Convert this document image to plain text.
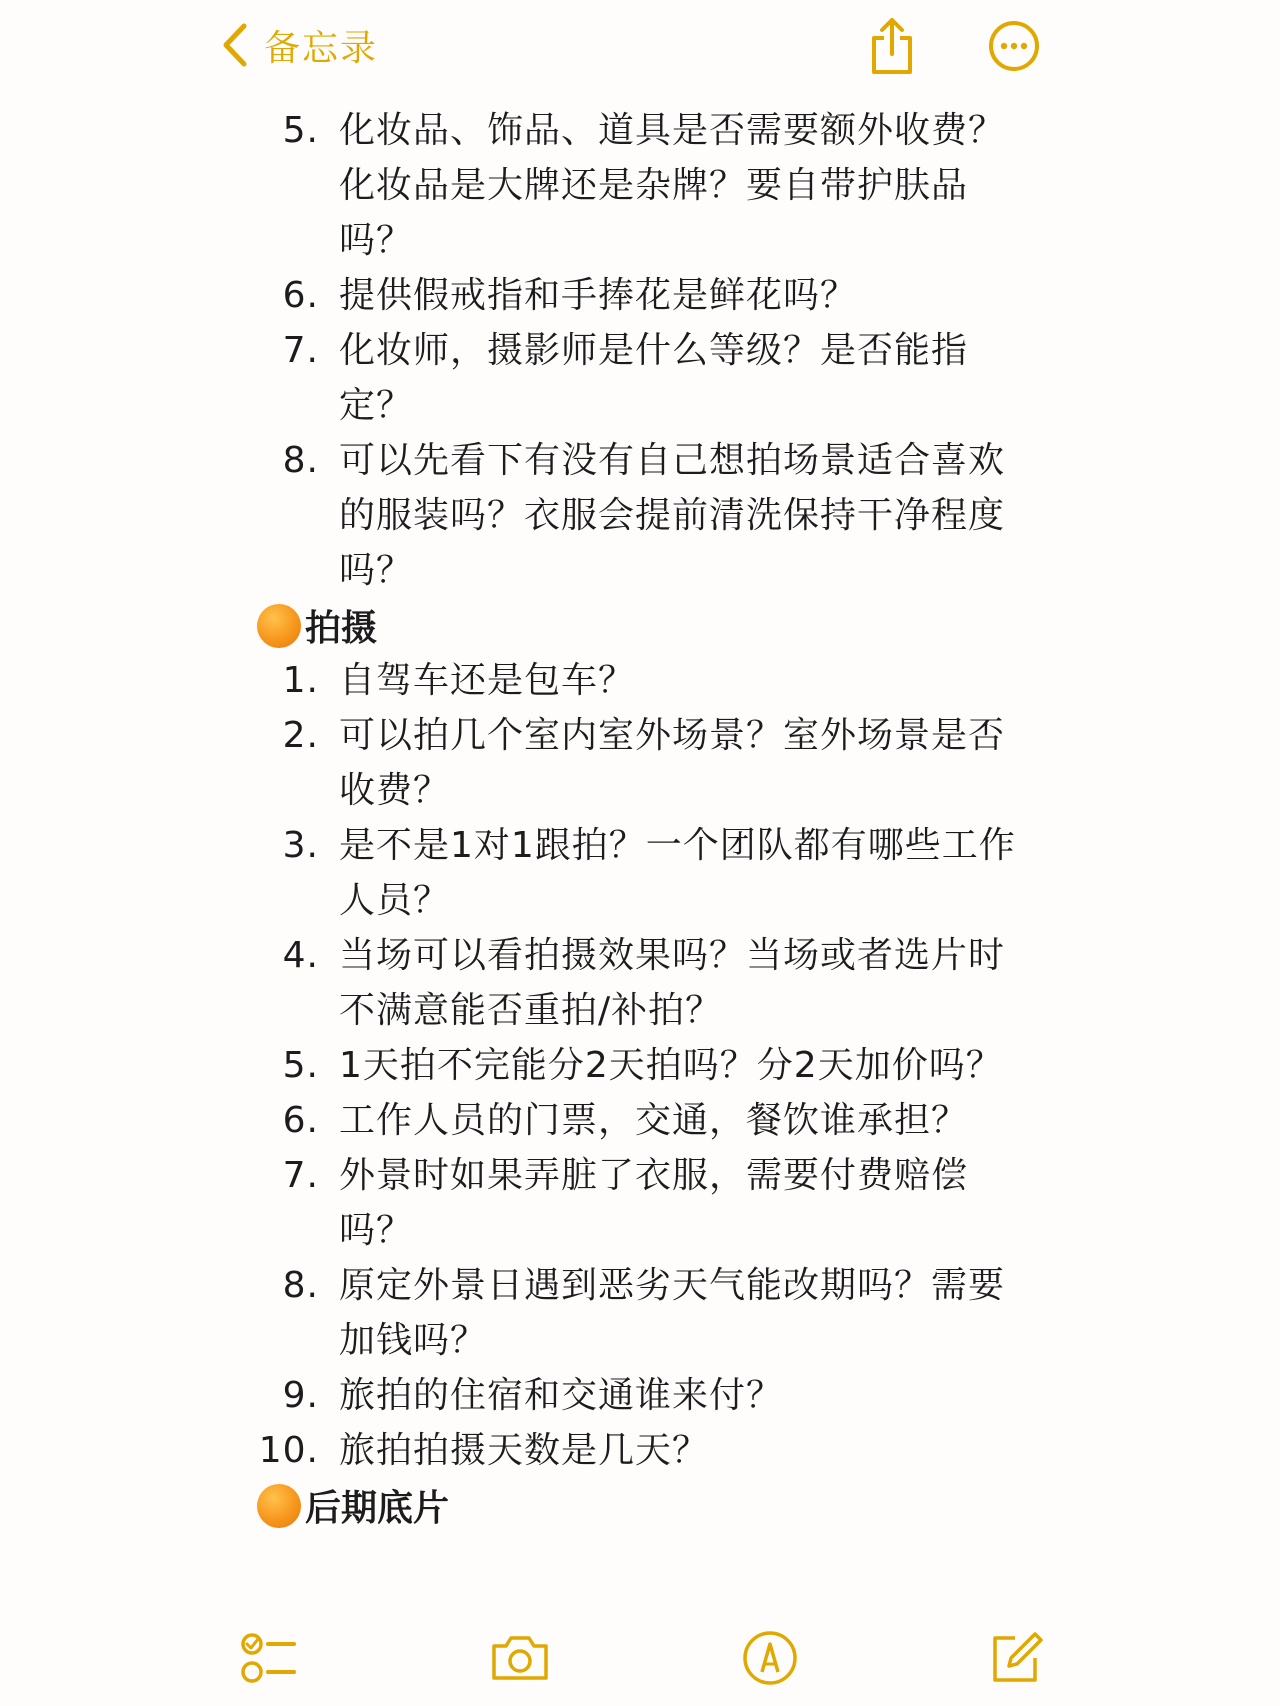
备忘录
5. 化妆品、饰品、道具是否需要额外收费？化妆品是大牌还是杂牌？要自带护肤品吗？
6. 提供假戒指和手捧花是鲜花吗？
7. 化妆师，摄影师是什么等级？是否能指定？
8. 可以先看下有没有自己想拍场景适合喜欢的服装吗？衣服会提前清洗保持干净程度吗？
拍摄
1. 自驾车还是包车？
2. 可以拍几个室内室外场景？室外场景是否收费？
3. 是不是1对1跟拍？一个团队都有哪些工作人员？
4. 当场可以看拍摄效果吗？当场或者选片时不满意能否重拍/补拍？
5. 1天拍不完能分2天拍吗？分2天加价吗？
6. 工作人员的门票，交通，餐饮谁承担？
7. 外景时如果弄脏了衣服，需要付费赔偿吗？
8. 原定外景日遇到恶劣天气能改期吗？需要加钱吗？
9. 旅拍的住宿和交通谁来付？
10. 旅拍拍摄天数是几天？
后期底片
